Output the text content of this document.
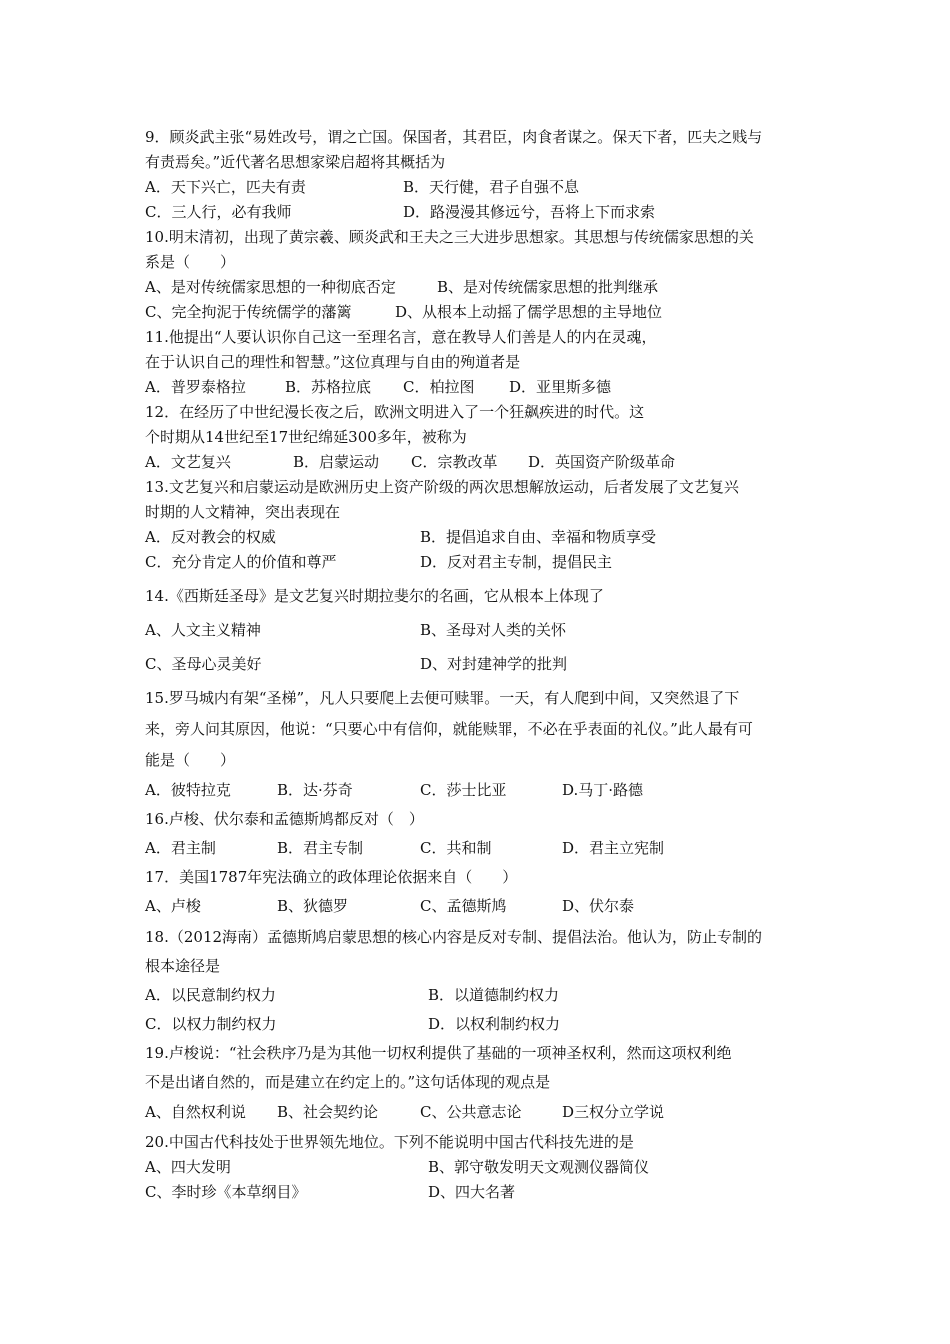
9．顾炎武主张“易姓改号，谓之亡国。保国者，其君臣，肉食者谋之。保天下者，匹夫之贱与
有责焉矣。”近代著名思想家梁启超将其概括为
A．天下兴亡，匹夫有责	B．天行健，君子自强不息
C．三人行，必有我师	D．路漫漫其修远兮，吾将上下而求索
10.明末清初，出现了黄宗羲、顾炎武和王夫之三大进步思想家。其思想与传统儒家思想的关
系是（　　）
A、是对传统儒家思想的一种彻底否定	B、是对传统儒家思想的批判继承
C、完全拘泥于传统儒学的藩篱	D、从根本上动摇了儒学思想的主导地位
11.他提出“人要认识你自己这一至理名言，意在教导人们善是人的内在灵魂，
在于认识自己的理性和智慧。”这位真理与自由的殉道者是
A．普罗泰格拉	B．苏格拉底 C．柏拉图 D．亚里斯多德
12．在经历了中世纪漫长夜之后，欧洲文明进入了一个狂飙疾进的时代。这
个时期从14世纪至17世纪绵延300多年，被称为
A．文艺复兴	B．启蒙运动 C．宗教改革 D．英国资产阶级革命
13.文艺复兴和启蒙运动是欧洲历史上资产阶级的两次思想解放运动，后者发展了文艺复兴
时期的人文精神，突出表现在
A．反对教会的权威	B．提倡追求自由、幸福和物质享受
C．充分肯定人的价值和尊严	D．反对君主专制，提倡民主
14.《西斯廷圣母》是文艺复兴时期拉斐尔的名画，它从根本上体现了
A、人文主义精神	B、圣母对人类的关怀
C、圣母心灵美好	D、对封建神学的批判
15.罗马城内有架“圣梯”，凡人只要爬上去便可赎罪。一天，有人爬到中间，又突然退了下
来，旁人问其原因，他说：“只要心中有信仰，就能赎罪，不必在乎表面的礼仪。”此人最有可
能是（　　）
A．彼特拉克	B．达·芬奇	C．莎士比亚	D.马丁·路德
16.卢梭、伏尔泰和孟德斯鸠都反对（　）
A．君主制	B．君主专制	C．共和制	D．君主立宪制
17．美国1787年宪法确立的政体理论依据来自（　　）
A、卢梭	B、狄德罗	C、孟德斯鸠	D、伏尔泰
18.（2012海南）孟德斯鸠启蒙思想的核心内容是反对专制、提倡法治。他认为，防止专制的
根本途径是
A．以民意制约权力	B．以道德制约权力
C．以权力制约权力	D．以权利制约权力
19.卢梭说：“社会秩序乃是为其他一切权利提供了基础的一项神圣权利，然而这项权利绝
不是出诸自然的，而是建立在约定上的。”这句话体现的观点是
A、自然权利说 B、社会契约论	C、公共意志论	D三权分立学说
20.中国古代科技处于世界领先地位。下列不能说明中国古代科技先进的是
A、四大发明	B、郭守敬发明天文观测仪器简仪
C、李时珍《本草纲目》	D、四大名著
